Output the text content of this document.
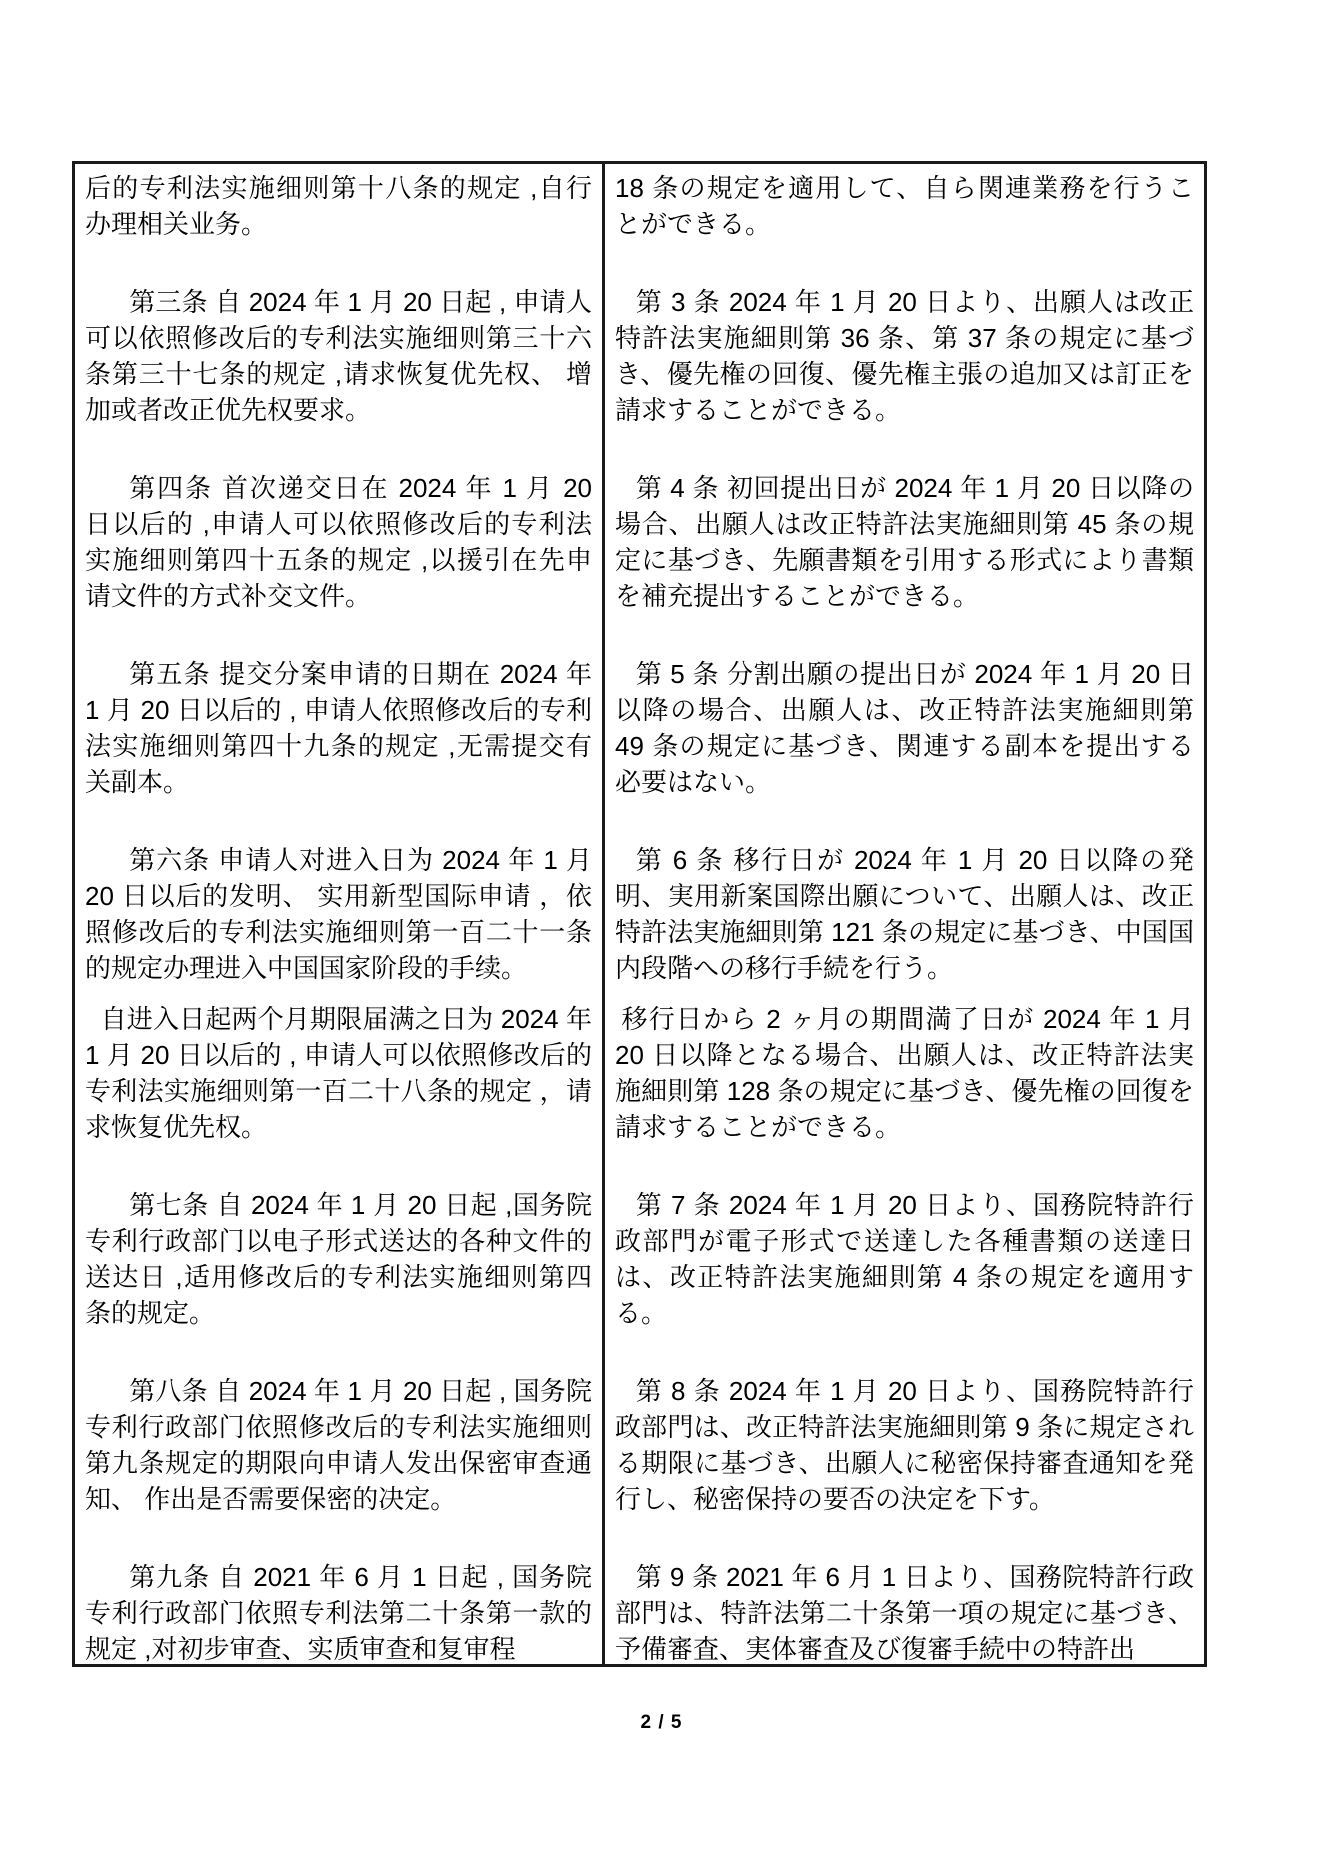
后的专利法实施细则第十八条的规定 ,自行办理相关业务。

第三条 自 2024 年 1 月 20 日起 , 申请人可以依照修改后的专利法实施细则第三十六条第三十七条的规定 ,请求恢复优先权、 增加或者改正优先权要求。

第四条 首次递交日在 2024 年 1 月 20 日以后的 ,申请人可以依照修改后的专利法实施细则第四十五条的规定 ,以援引在先申请文件的方式补交文件。

第五条 提交分案申请的日期在 2024 年 1 月 20 日以后的 , 申请人依照修改后的专利法实施细则第四十九条的规定 ,无需提交有关副本。

第六条 申请人对进入日为 2024 年 1 月 20 日以后的发明、 实用新型国际申请 ，依照修改后的专利法实施细则第一百二十一条的规定办理进入中国国家阶段的手续。

自进入日起两个月期限届满之日为 2024 年 1 月 20 日以后的 , 申请人可以依照修改后的专利法实施细则第一百二十八条的规定 ，请求恢复优先权。

第七条 自 2024 年 1 月 20 日起 ,国务院专利行政部门以电子形式送达的各种文件的送达日 ,适用修改后的专利法实施细则第四条的规定。

第八条 自 2024 年 1 月 20 日起 , 国务院专利行政部门依照修改后的专利法实施细则第九条规定的期限向申请人发出保密审查通知、 作出是否需要保密的决定。

第九条 自 2021 年 6 月 1 日起 , 国务院专利行政部门依照专利法第二十条第一款的规定 ,对初步审查、实质审查和复审程

18 条の規定を適用して、自ら関連業務を行うことができる。

第 3 条 2024 年 1 月 20 日より、出願人は改正特許法実施細則第 36 条、第 37 条の規定に基づき、優先権の回復、優先権主張の追加又は訂正を請求することができる。

第 4 条 初回提出日が 2024 年 1 月 20 日以降の場合、出願人は改正特許法実施細則第 45 条の規定に基づき、先願書類を引用する形式により書類を補充提出することができる。

第 5 条 分割出願の提出日が 2024 年 1 月 20 日以降の場合、出願人は、改正特許法実施細則第 49 条の規定に基づき、関連する副本を提出する必要はない。

第 6 条 移行日が 2024 年 1 月 20 日以降の発明、実用新案国際出願について、出願人は、改正特許法実施細則第 121 条の規定に基づき、中国国内段階への移行手続を行う。

移行日から 2 ヶ月の期間満了日が 2024 年 1 月 20 日以降となる場合、出願人は、改正特許法実施細則第 128 条の規定に基づき、優先権の回復を請求することができる。

第 7 条 2024 年 1 月 20 日より、国務院特許行政部門が電子形式で送達した各種書類の送達日は、改正特許法実施細則第 4 条の規定を適用する。

第 8 条 2024 年 1 月 20 日より、国務院特許行政部門は、改正特許法実施細則第 9 条に規定される期限に基づき、出願人に秘密保持審査通知を発行し、秘密保持の要否の決定を下す。

第 9 条 2021 年 6 月 1 日より、国務院特許行政部門は、特許法第二十条第一項の規定に基づき、予備審査、実体審査及び復審手続中の特許出

2 / 5
